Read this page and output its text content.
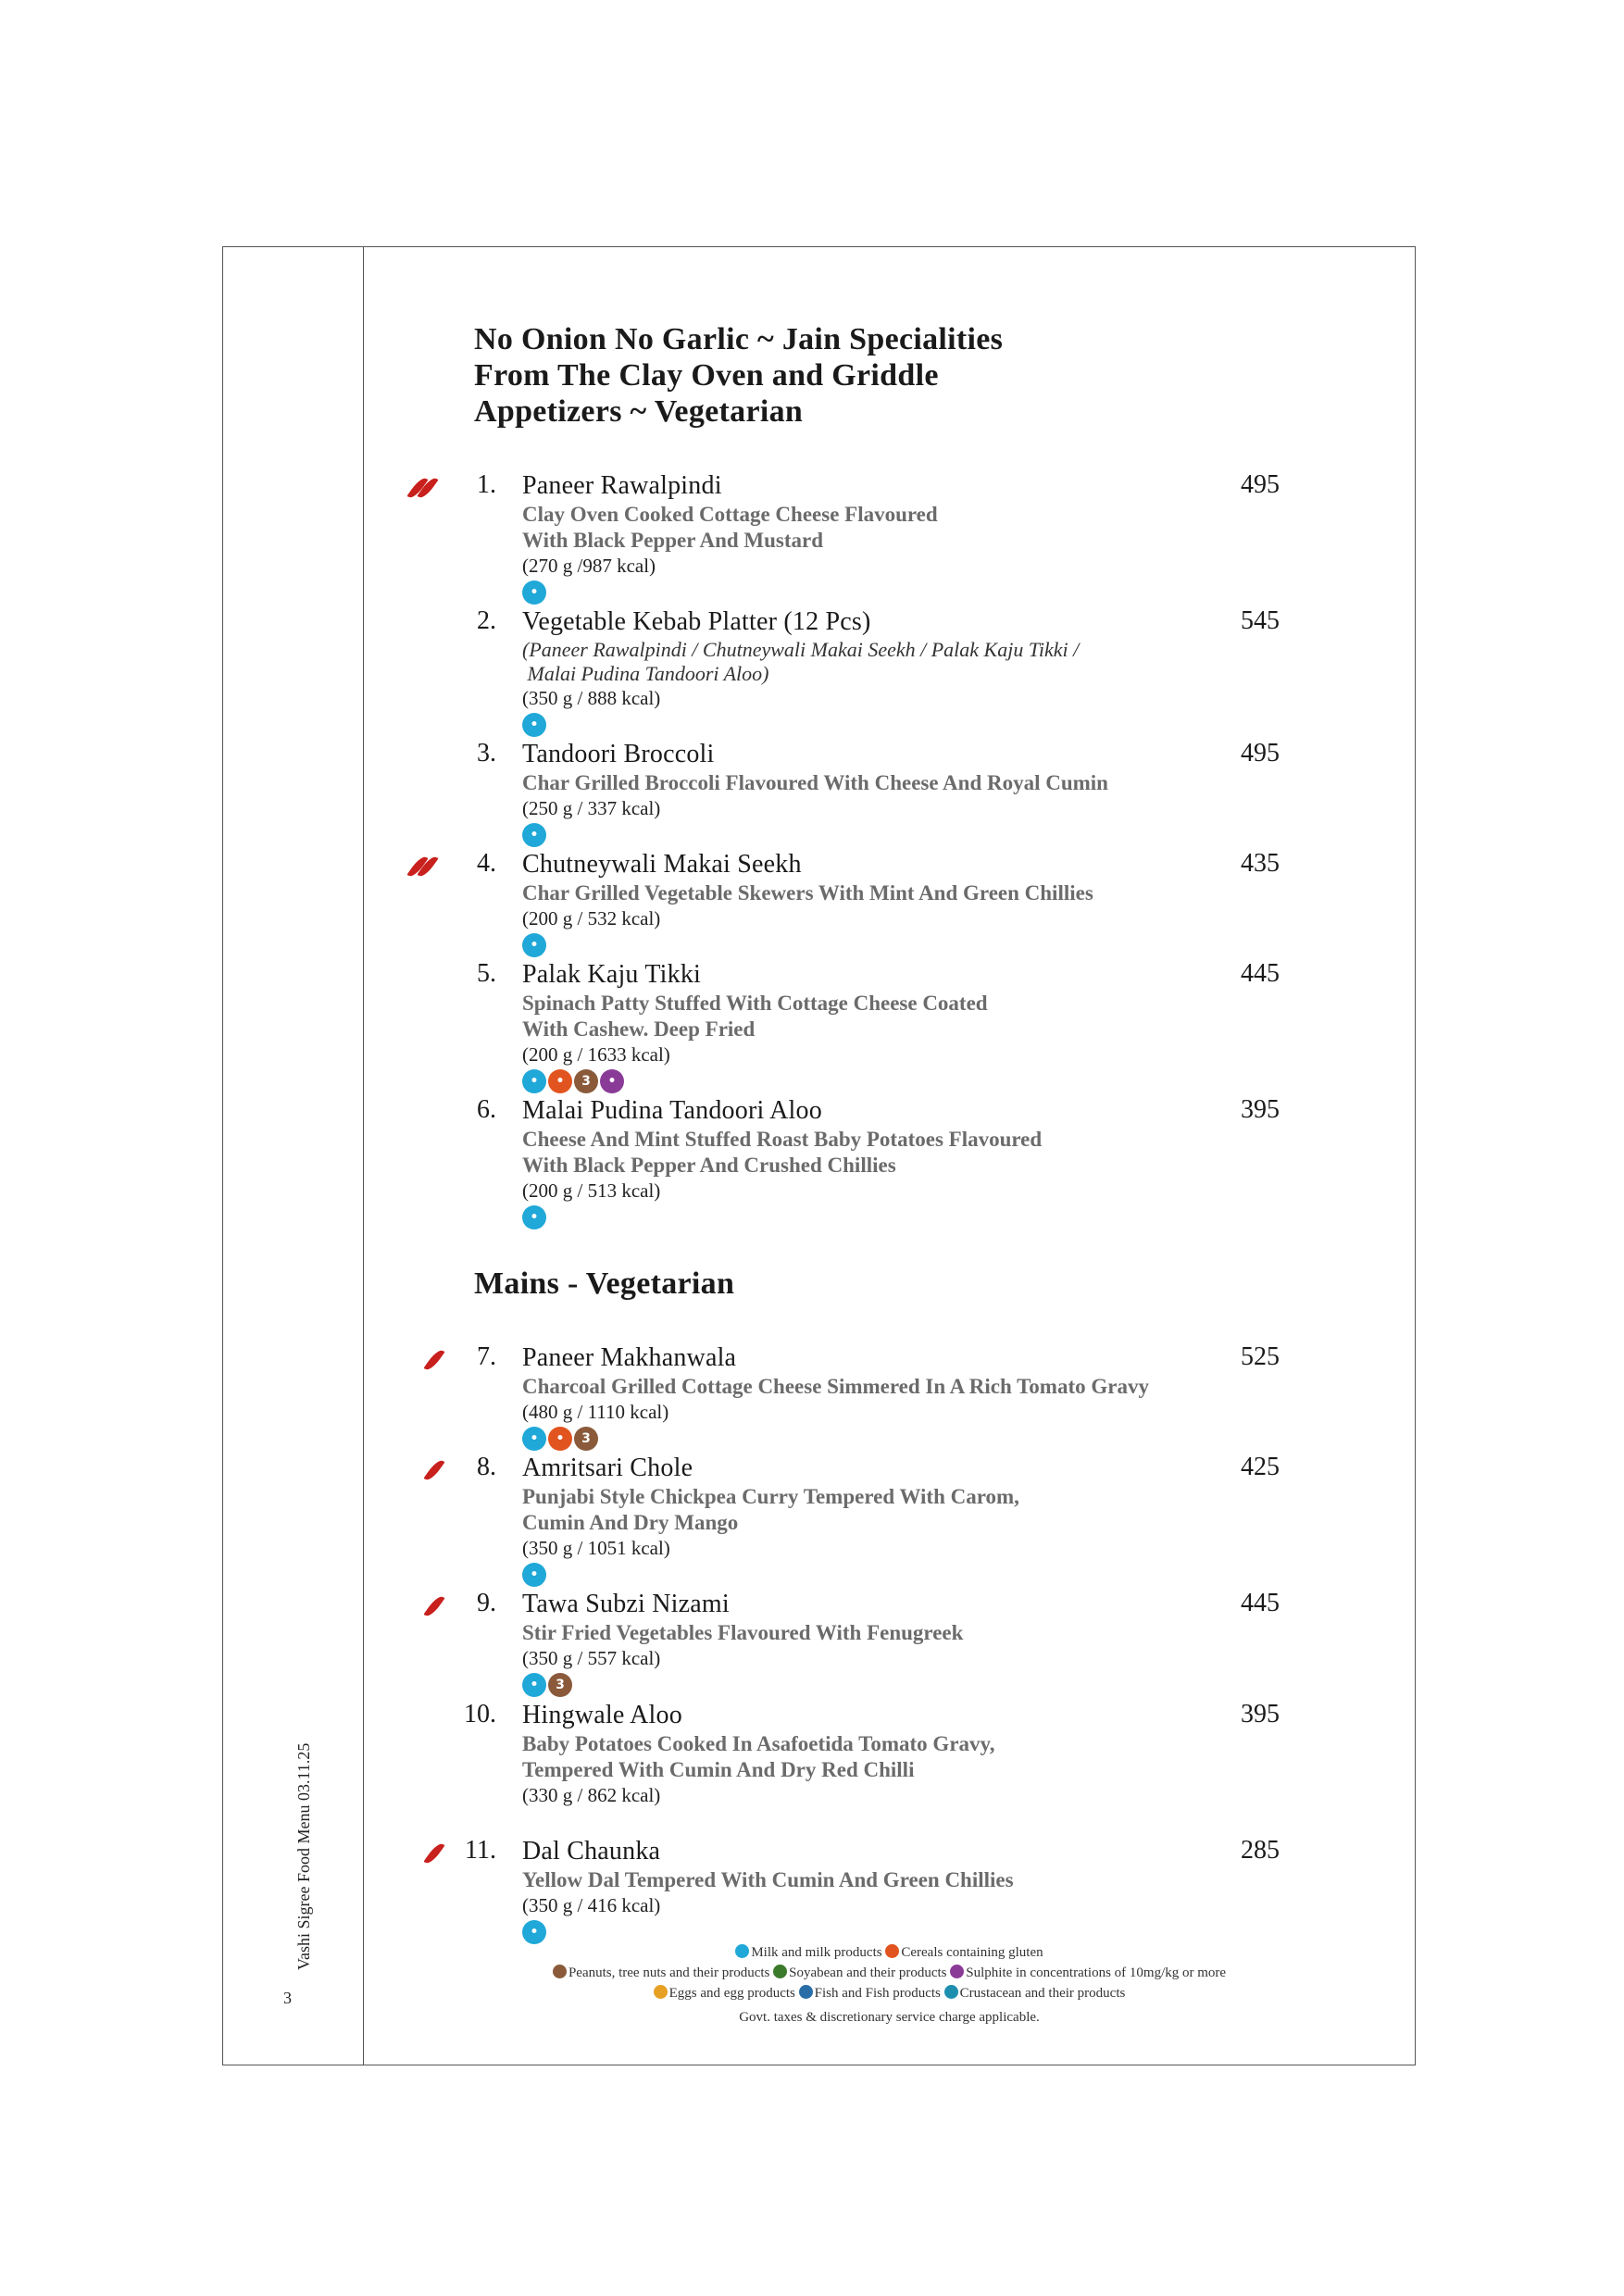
Vashi Sigree Food Menu 03.11.25
3
No Onion No Garlic ~ Jain Specialities
From The Clay Oven and Griddle
Appetizers ~ Vegetarian
Mains - Vegetarian
1. Paneer Rawalpindi
Clay Oven Cooked Cottage Cheese Flavoured
With Black Pepper And Mustard
(270 g /987 kcal)
•
495
2. Vegetable Kebab Platter (12 Pcs)
(Paneer Rawalpindi / Chutneywali Makai Seekh / Palak Kaju Tikki /
Malai Pudina Tandoori Aloo)
(350 g / 888 kcal)
•
545
3. Tandoori Broccoli
Char Grilled Broccoli Flavoured With Cheese And Royal Cumin
(250 g / 337 kcal)
•
495
4. Chutneywali Makai Seekh
Char Grilled Vegetable Skewers With Mint And Green Chillies
(200 g / 532 kcal)
•
435
5. Palak Kaju Tikki
Spinach Patty Stuffed With Cottage Cheese Coated
With Cashew. Deep Fried
(200 g / 1633 kcal)
•	•	3	•
445
6. Malai Pudina Tandoori Aloo
Cheese And Mint Stuffed Roast Baby Potatoes Flavoured
With Black Pepper And Crushed Chillies
(200 g / 513 kcal)
•
395
7. Paneer Makhanwala
Charcoal Grilled Cottage Cheese Simmered In A Rich Tomato Gravy
(480 g / 1110 kcal)
•	•	3
525
8. Amritsari Chole
Punjabi Style Chickpea Curry Tempered With Carom,
Cumin And Dry Mango
(350 g / 1051 kcal)
•
425
9. Tawa Subzi Nizami
Stir Fried Vegetables Flavoured With Fenugreek
(350 g / 557 kcal)
•	3
445
10. Hingwale Aloo
Baby Potatoes Cooked In Asafoetida Tomato Gravy,
Tempered With Cumin And Dry Red Chilli
(330 g / 862 kcal)
395
11. Dal Chaunka
Yellow Dal Tempered With Cumin And Green Chillies
(350 g / 416 kcal)
•
285
Milk and milk products Cereals containing gluten
Peanuts, tree nuts and their products Soyabean and their products Sulphite in concentrations of 10mg/kg or more
Eggs and egg products Fish and Fish products Crustacean and their products
Govt. taxes & discretionary service charge applicable.
